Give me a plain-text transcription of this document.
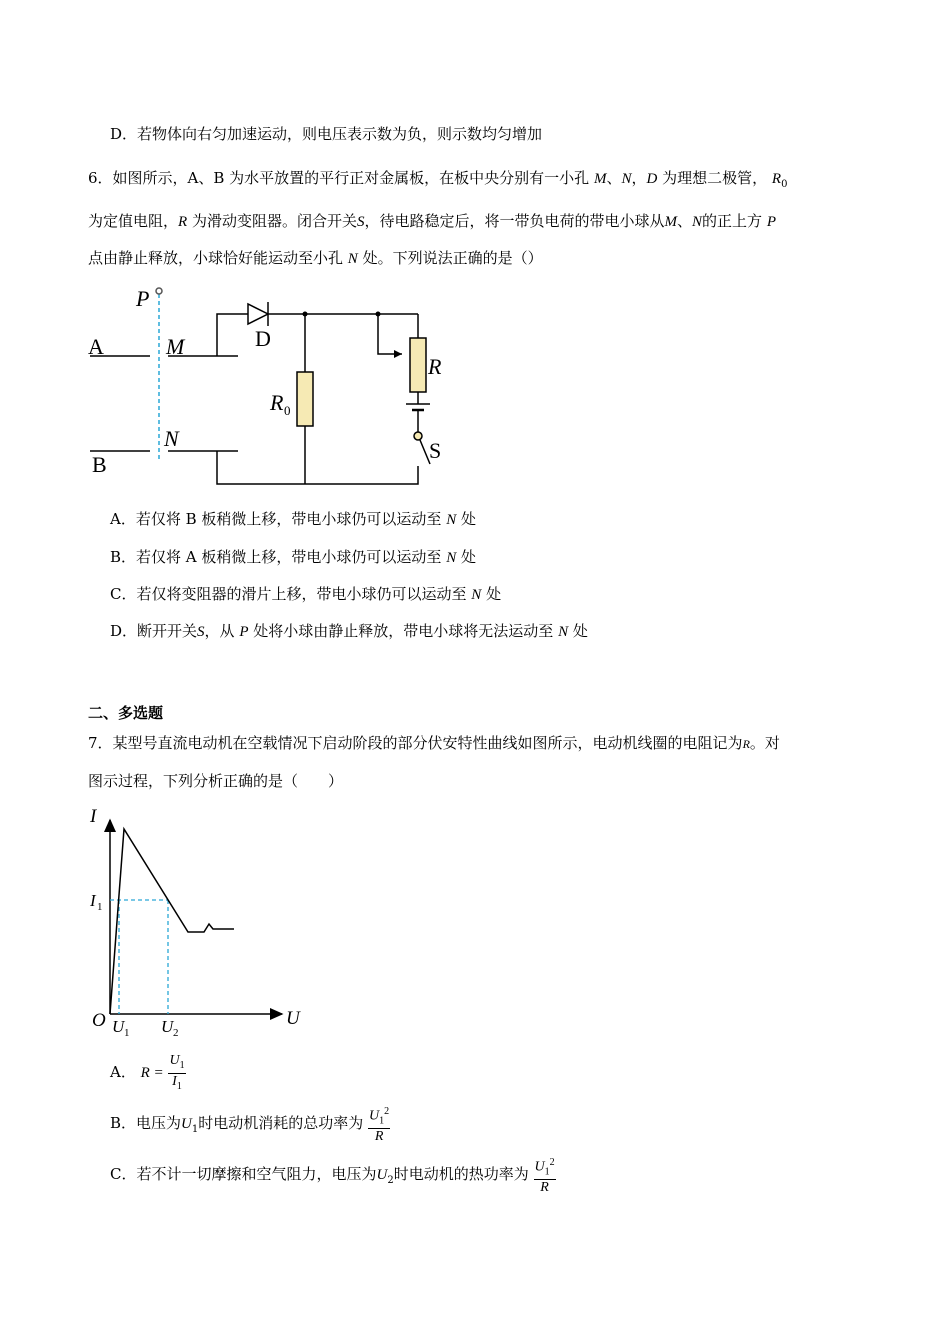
D．若物体向右匀加速运动，则电压表示数为负，则示数均匀增加
6．如图所示，A、B 为水平放置的平行正对金属板，在板中央分别有一小孔 M、N，D 为理想二极管， $R_0$
为定值电阻，R 为滑动变阻器。闭合开关S，待电路稳定后，将一带负电荷的带电小球从M、N的正上方 P
点由静止释放，小球恰好能运动至小孔 N 处。下列说法正确的是（）
P
A	M	D
R
R 0
N
B
S
A．若仅将 B 板稍微上移，带电小球仍可以运动至 N 处
B．若仅将 A 板稍微上移，带电小球仍可以运动至 N 处
C．若仅将变阻器的滑片上移，带电小球仍可以运动至 N 处
D．断开开关S，从 P 处将小球由静止释放，带电小球将无法运动至 N 处
二、多选题
7．某型号直流电动机在空载情况下启动阶段的部分伏安特性曲线如图所示，电动机线圈的电阻记为R。对
图示过程，下列分析正确的是（　　）
I
I 1
O U 1 U 2
U
A． $R = \frac{U_1}{I_1}$
B．电压为$U_1$时电动机消耗的总功率为 $\frac{U_1^2}{R}$
C．若不计一切摩擦和空气阻力，电压为$U_2$时电动机的热功率为 $\frac{U_1^2}{R}$
